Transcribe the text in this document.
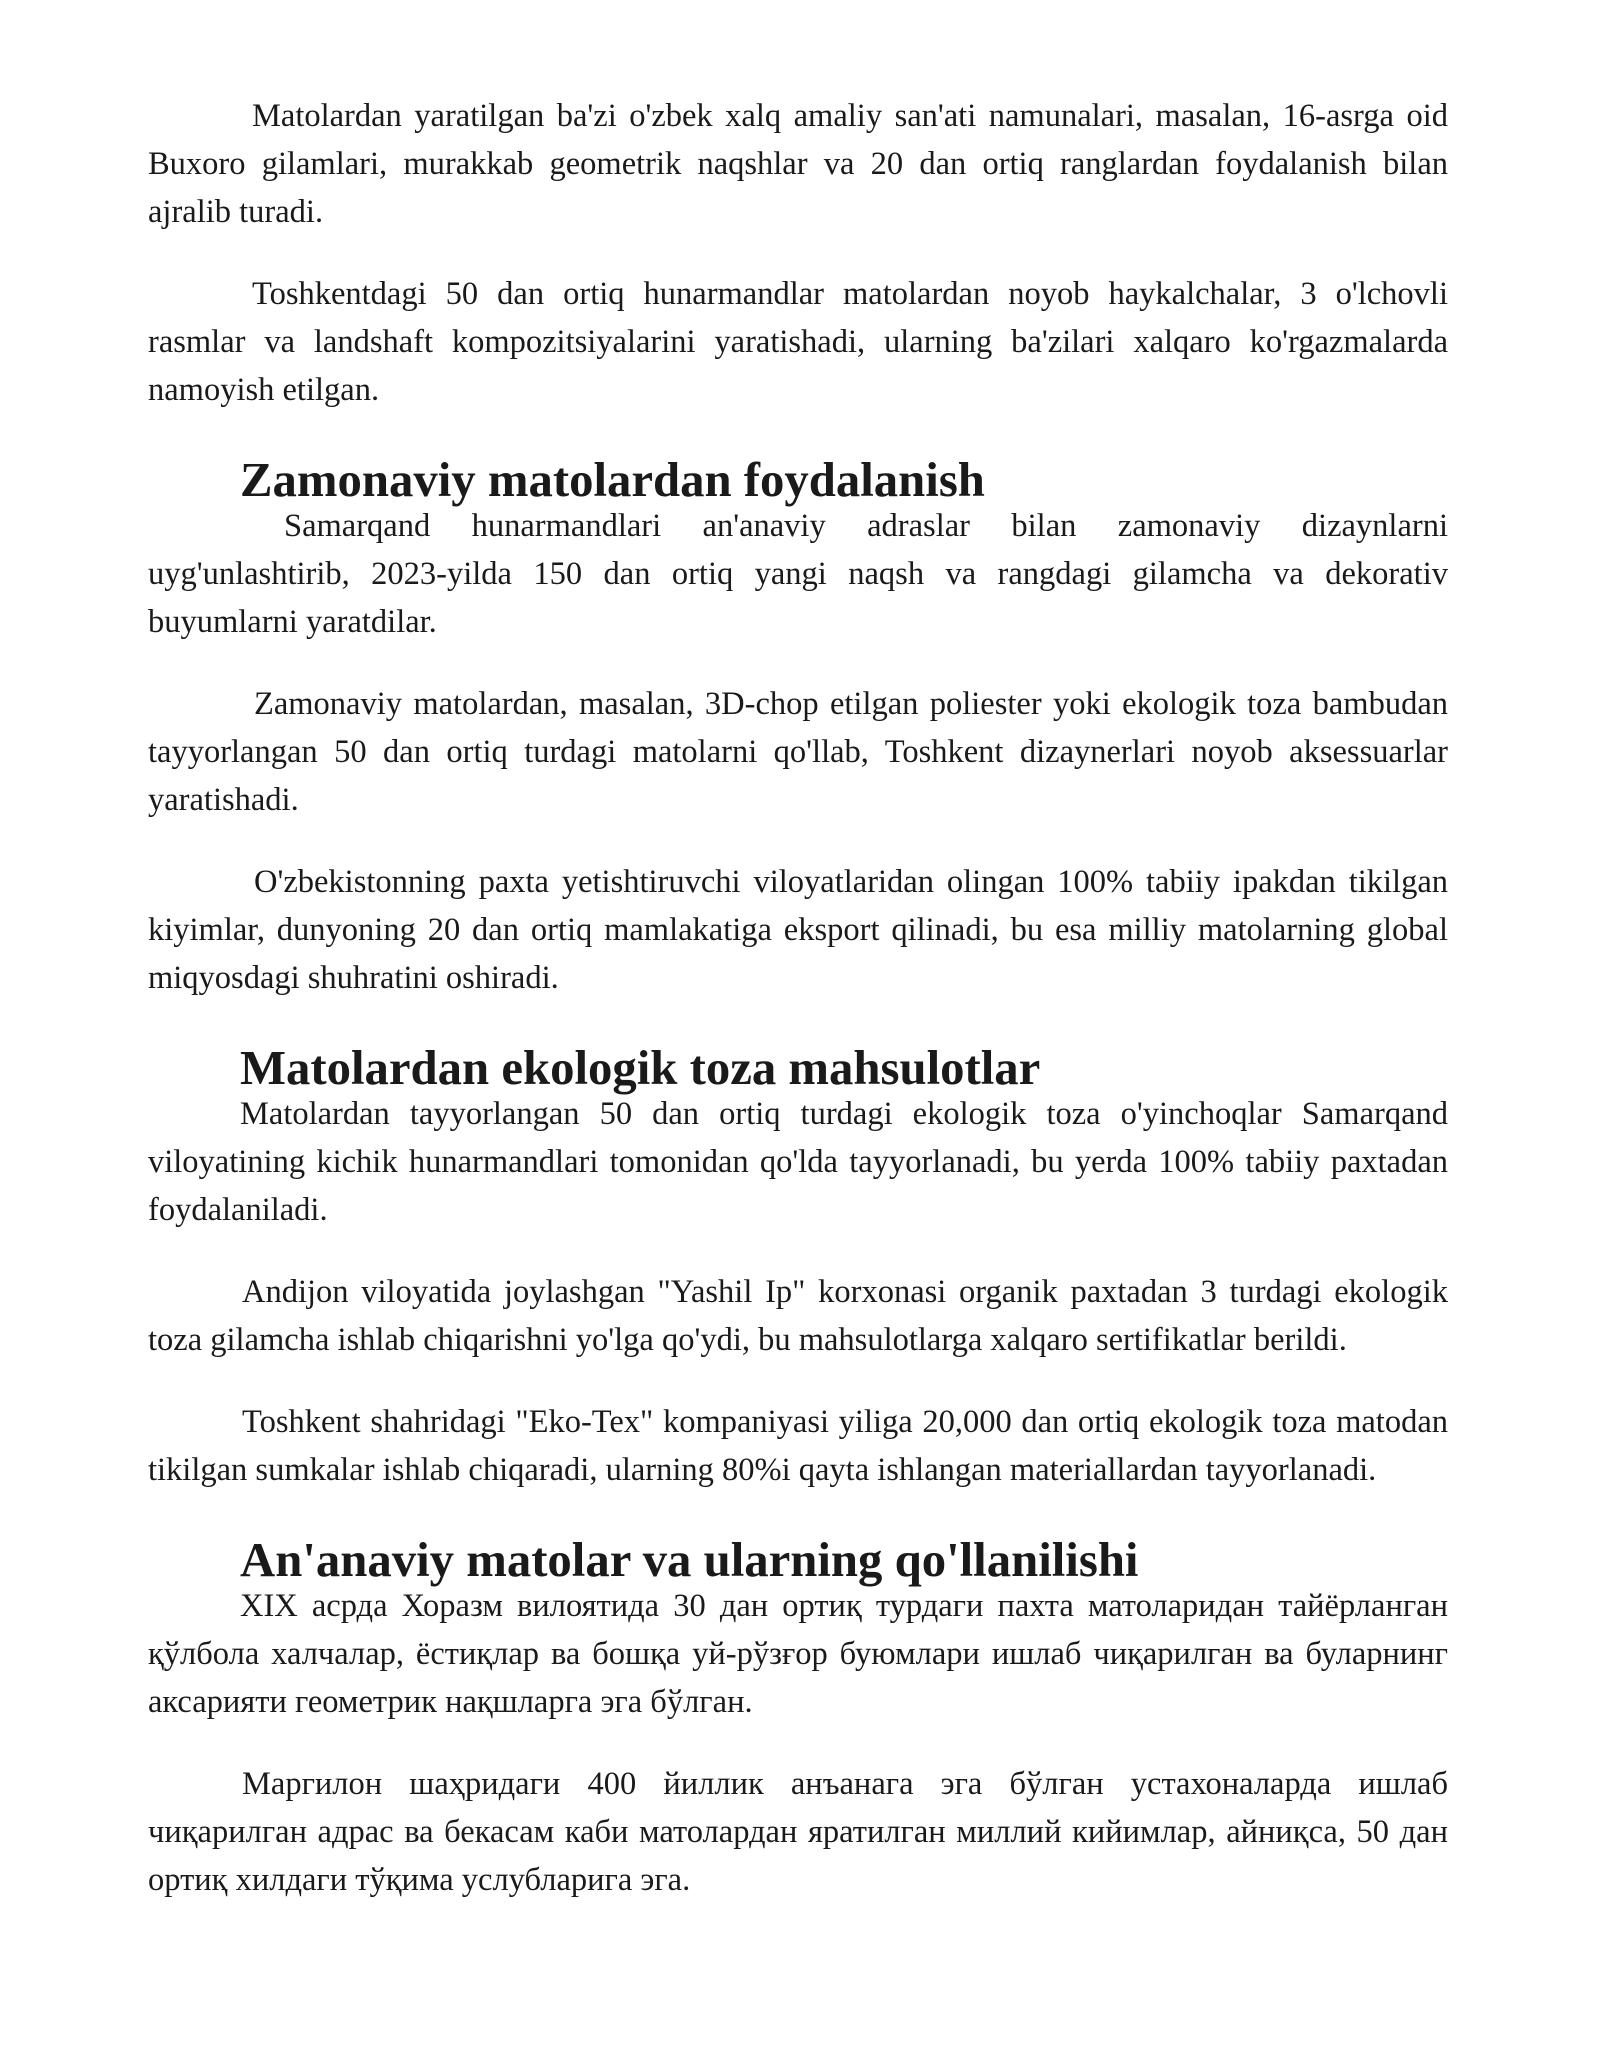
Matolardan yaratilgan ba'zi o'zbek xalq amaliy san'ati namunalari, masalan, 16-asrga oid Buxoro gilamlari, murakkab geometrik naqshlar va 20 dan ortiq ranglardan foydalanish bilan ajralib turadi.

Toshkentdagi 50 dan ortiq hunarmandlar matolardan noyob haykalchalar, 3 o'lchovli rasmlar va landshaft kompozitsiyalarini yaratishadi, ularning ba'zilari xalqaro ko'rgazmalarda namoyish etilgan.

Zamonaviy matolardan foydalanish

Samarqand hunarmandlari an'anaviy adraslar bilan zamonaviy dizaynlarni uyg'unlashtirib, 2023-yilda 150 dan ortiq yangi naqsh va rangdagi gilamcha va dekorativ buyumlarni yaratdilar.

Zamonaviy matolardan, masalan, 3D-chop etilgan poliester yoki ekologik toza bambudan tayyorlangan 50 dan ortiq turdagi matolarni qo'llab, Toshkent dizaynerlari noyob aksessuarlar yaratishadi.

O'zbekistonning paxta yetishtiruvchi viloyatlaridan olingan 100% tabiiy ipakdan tikilgan kiyimlar, dunyoning 20 dan ortiq mamlakatiga eksport qilinadi, bu esa milliy matolarning global miqyosdagi shuhratini oshiradi.

Matolardan ekologik toza mahsulotlar

Matolardan tayyorlangan 50 dan ortiq turdagi ekologik toza o'yinchoqlar Samarqand viloyatining kichik hunarmandlari tomonidan qo'lda tayyorlanadi, bu yerda 100% tabiiy paxtadan foydalaniladi.

Andijon viloyatida joylashgan "Yashil Ip" korxonasi organik paxtadan 3 turdagi ekologik toza gilamcha ishlab chiqarishni yo'lga qo'ydi, bu mahsulotlarga xalqaro sertifikatlar berildi.

Toshkent shahridagi "Eko-Tex" kompaniyasi yiliga 20,000 dan ortiq ekologik toza matodan tikilgan sumkalar ishlab chiqaradi, ularning 80%i qayta ishlangan materiallardan tayyorlanadi.

An'anaviy matolar va ularning qo'llanilishi

XIX асрда Хоразм вилоятида 30 дан ортиқ турдаги пахта матоларидан тайёрланган қўлбола халчалар, ёстиқлар ва бошқа уй-рўзғор буюмлари ишлаб чиқарилган ва буларнинг аксарияти геометрик нақшларга эга бўлган.

Маргилон шаҳридаги 400 йиллик анъанага эга бўлган устахоналарда ишлаб чиқарилган адрас ва бекасам каби матолардан яратилган миллий кийимлар, айниқса, 50 дан ортиқ хилдаги тўқима услубларига эга.
